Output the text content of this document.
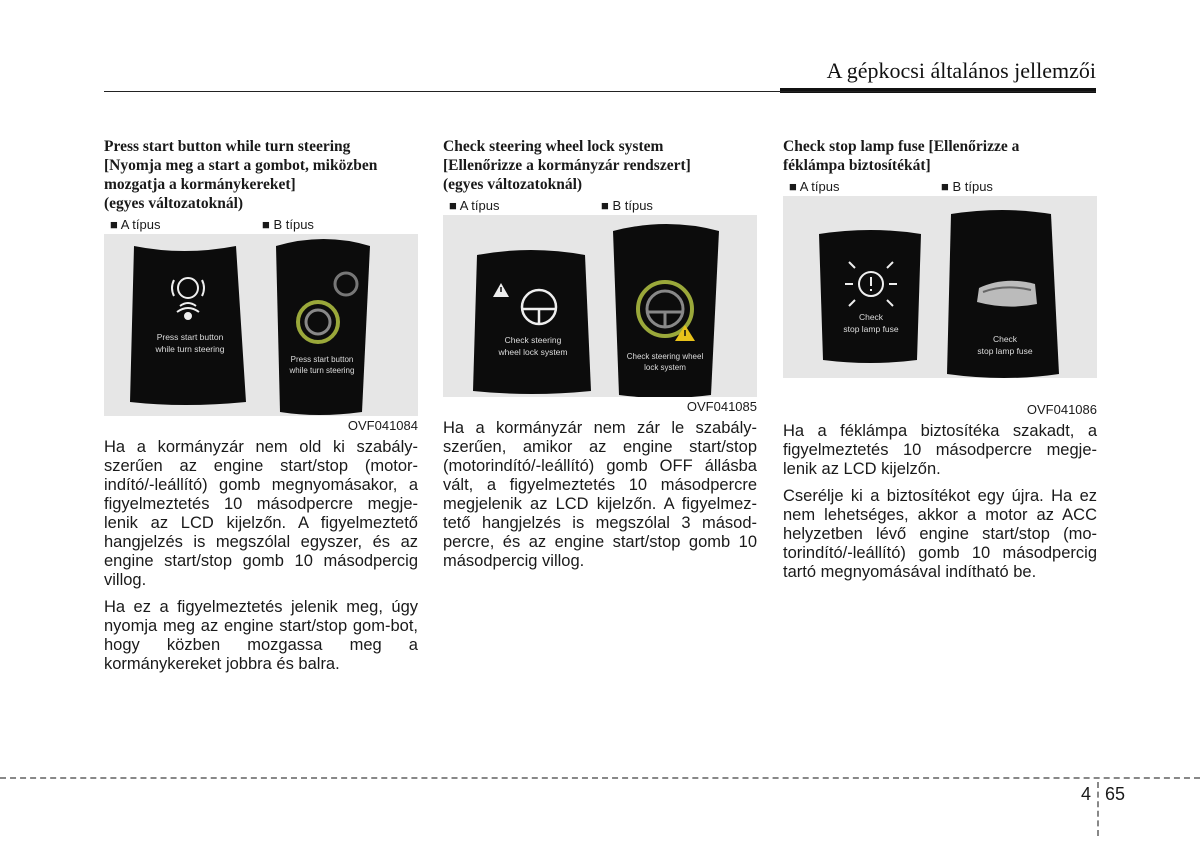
A gépkocsi általános jellemzői
Press start button while turn steering
[Nyomja meg a start a gombot, miközben
mozgatja a kormánykereket]
(egyes változatoknál)
■ A típus	■ B típus
Press start button
while turn steering
Press start button
while turn steering
OVF041084

Ha a kormányzár nem old ki szabály-szerűen az engine start/stop (motor-indító/-leállító) gomb megnyomásakor, a figyelmeztetés 10 másodpercre megje-lenik az LCD kijelzőn. A figyelmeztető hangjelzés is megszólal egyszer, és az engine start/stop gomb 10 másodpercig villog.

Ha ez a figyelmeztetés jelenik meg, úgy nyomja meg az engine start/stop gom-bot, hogy közben mozgassa meg a kormánykereket jobbra és balra.

Check steering wheel lock system
[Ellenőrizze a kormányzár rendszert]
(egyes változatoknál)
■ A típus	■ B típus
Check steering
wheel lock system	Check steering wheel
lock system
OVF041085

Ha a kormányzár nem zár le szabály-szerűen, amikor az engine start/stop (motorindító/-leállító) gomb OFF állásba vált, a figyelmeztetés 10 másodpercre megjelenik az LCD kijelzőn. A figyelmez-tető hangjelzés is megszólal 3 másod-percre, és az engine start/stop gomb 10 másodpercig villog.

Check stop lamp fuse [Ellenőrizze a
féklámpa biztosítékát]
■ A típus	■ B típus
Check
stop lamp fuse
Check
stop lamp fuse
OVF041086

Ha a féklámpa biztosítéka szakadt, a figyelmeztetés 10 másodpercre megje-lenik az LCD kijelzőn.

Cserélje ki a biztosítékot egy újra. Ha ez nem lehetséges, akkor a motor az ACC helyzetben lévő engine start/stop (mo-torindító/-leállító) gomb 10 másodpercig tartó megnyomásával indítható be.

4 65
